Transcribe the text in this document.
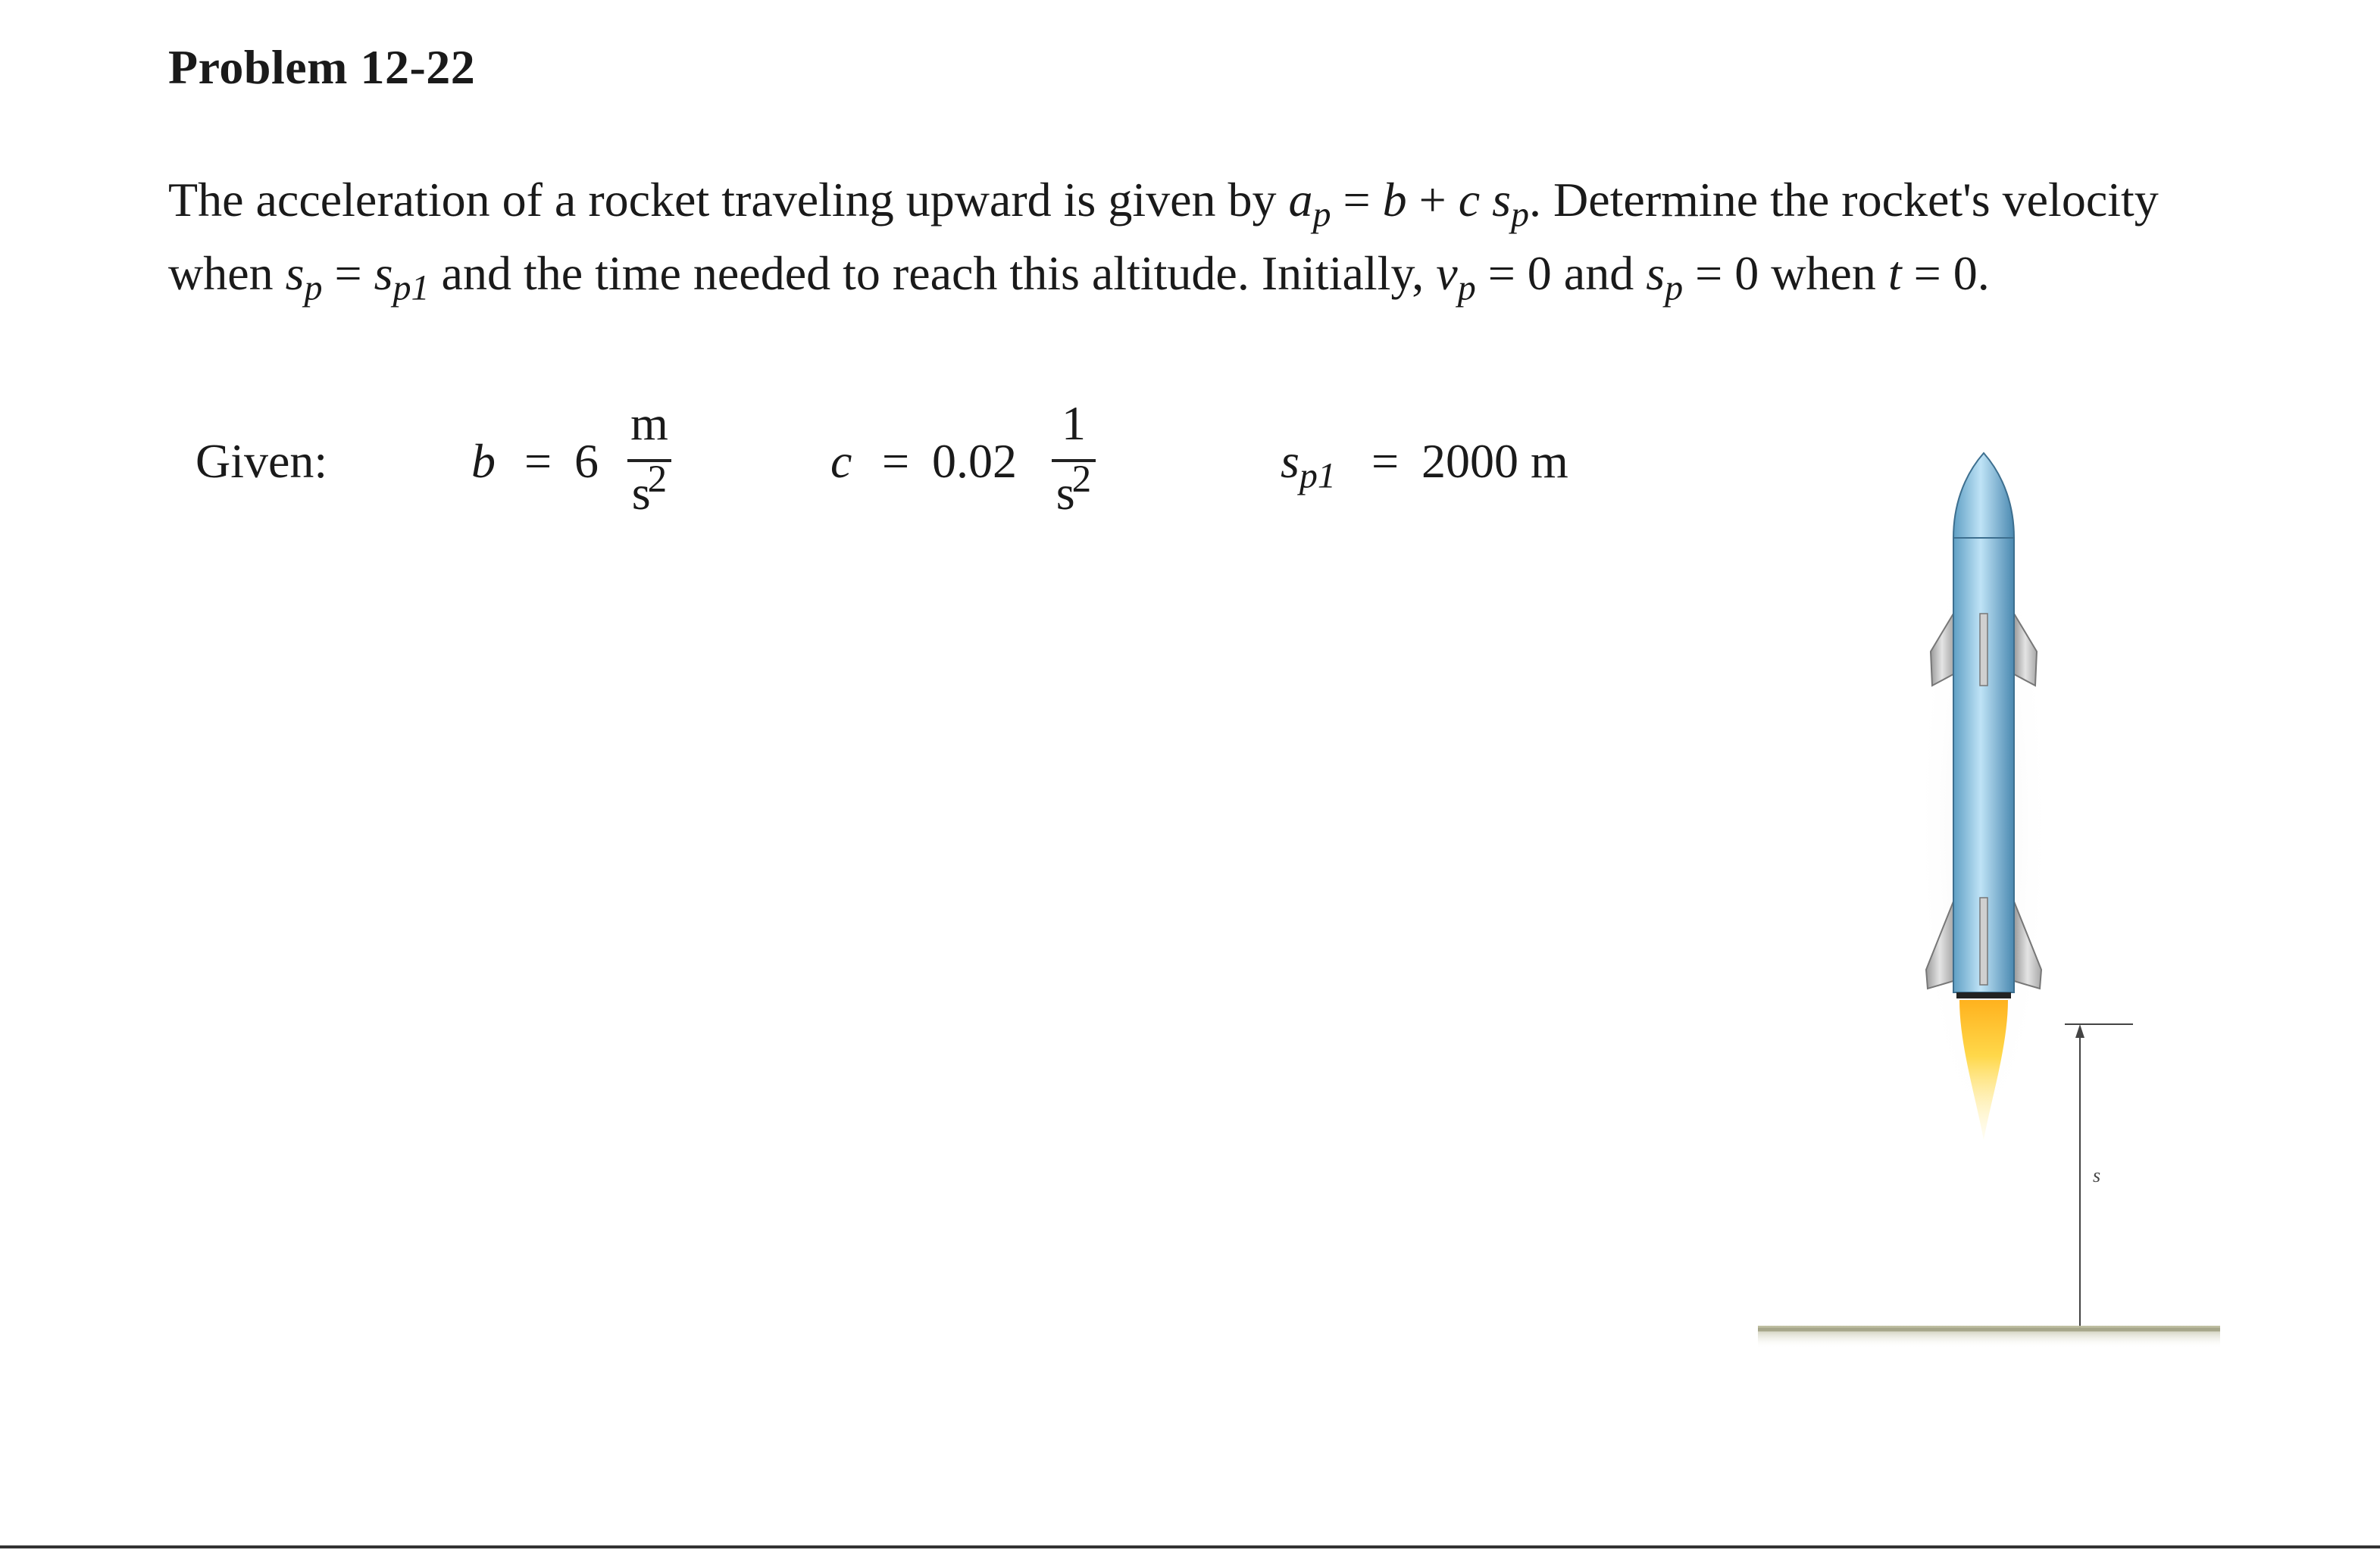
Problem 12-22
The acceleration of a rocket traveling upward is given by $a_p = b + c$ $s_p$. Determine the rocket's velocity when $s_p = s_{p1}$ and the time needed to reach this altitude. Initially, $v_p = 0$ and $s_p = 0$ when t = 0.
Given:	b = 6
m
$s^2$	c = 0.02
1
$s^2$	$s_{p1} = 2000$ m
s
